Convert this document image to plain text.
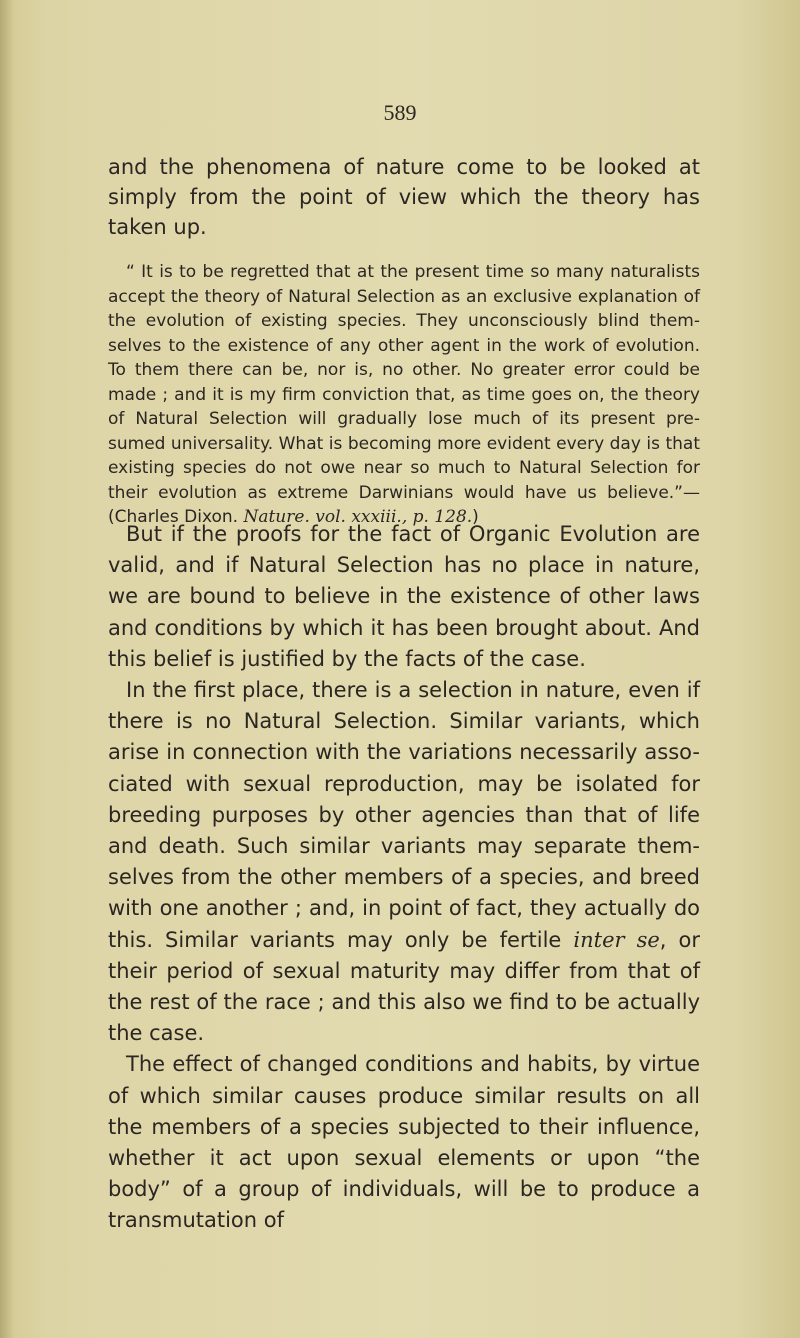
589

and the phenomena of nature come to be looked at simply from the point of view which the theory has taken up.

“ It is to be regretted that at the present time so many naturalists accept the theory of Natural Selection as an exclusive explanation of the evolution of existing species. They unconsciously blind them-selves to the existence of any other agent in the work of evolution. To them there can be, nor is, no other. No greater error could be made ; and it is my firm conviction that, as time goes on, the theory of Natural Selection will gradually lose much of its present pre-sumed universality. What is becoming more evident every day is that existing species do not owe near so much to Natural Selection for their evolution as extreme Darwinians would have us believe.”— (Charles Dixon. Nature. vol. xxxiii., p. 128.)

But if the proofs for the fact of Organic Evolution are valid, and if Natural Selection has no place in nature, we are bound to believe in the existence of other laws and conditions by which it has been brought about. And this belief is justified by the facts of the case.

In the first place, there is a selection in nature, even if there is no Natural Selection. Similar variants, which arise in connection with the variations necessarily asso-ciated with sexual reproduction, may be isolated for breeding purposes by other agencies than that of life and death. Such similar variants may separate them-selves from the other members of a species, and breed with one another ; and, in point of fact, they actually do this. Similar variants may only be fertile inter se, or their period of sexual maturity may differ from that of the rest of the race ; and this also we find to be actually the case.

The effect of changed conditions and habits, by virtue of which similar causes produce similar results on all the members of a species subjected to their influence, whether it act upon sexual elements or upon “the body” of a group of individuals, will be to produce a transmutation of
